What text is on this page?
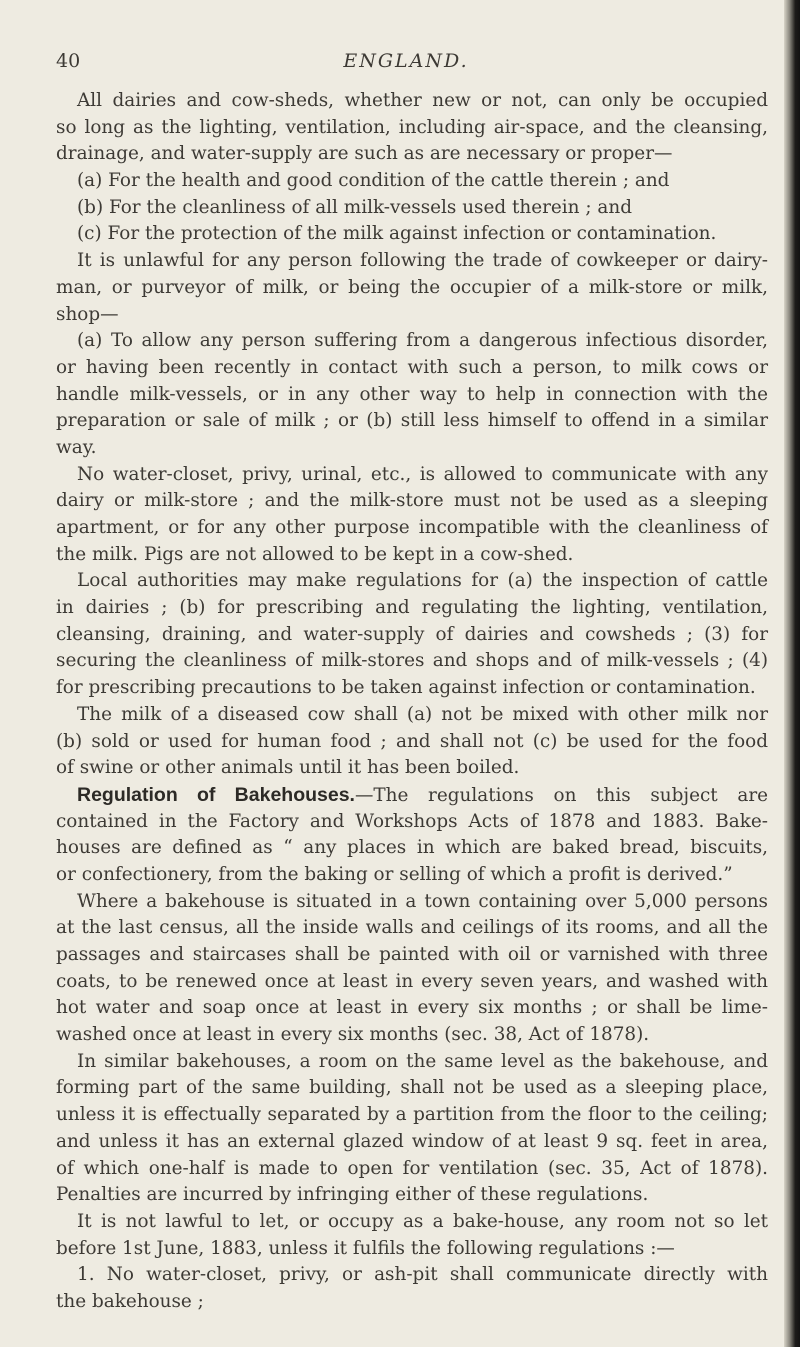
40	ENGLAND.
All dairies and cow-sheds, whether new or not, can only be occupied
so long as the lighting, ventilation, including air-space, and the cleansing,
drainage, and water-supply are such as are necessary or proper—
(a) For the health and good condition of the cattle therein ; and
(b) For the cleanliness of all milk-vessels used therein ; and
(c) For the protection of the milk against infection or contamination.
It is unlawful for any person following the trade of cowkeeper or dairy-
man, or purveyor of milk, or being the occupier of a milk-store or milk,
shop—
(a) To allow any person suffering from a dangerous infectious disorder,
or having been recently in contact with such a person, to milk cows or
handle milk-vessels, or in any other way to help in connection with the
preparation or sale of milk ; or (b) still less himself to offend in a similar
way.
No water-closet, privy, urinal, etc., is allowed to communicate with any
dairy or milk-store ; and the milk-store must not be used as a sleeping
apartment, or for any other purpose incompatible with the cleanliness of
the milk. Pigs are not allowed to be kept in a cow-shed.
Local authorities may make regulations for (a) the inspection of cattle
in dairies ; (b) for prescribing and regulating the lighting, ventilation,
cleansing, draining, and water-supply of dairies and cowsheds ; (3) for
securing the cleanliness of milk-stores and shops and of milk-vessels ; (4)
for prescribing precautions to be taken against infection or contamination.
The milk of a diseased cow shall (a) not be mixed with other milk nor
(b) sold or used for human food ; and shall not (c) be used for the food
of swine or other animals until it has been boiled.
Regulation of Bakehouses.—The regulations on this subject are
contained in the Factory and Workshops Acts of 1878 and 1883. Bake-
houses are defined as “ any places in which are baked bread, biscuits,
or confectionery, from the baking or selling of which a profit is derived.”
Where a bakehouse is situated in a town containing over 5,000 persons
at the last census, all the inside walls and ceilings of its rooms, and all the
passages and staircases shall be painted with oil or varnished with three
coats, to be renewed once at least in every seven years, and washed with
hot water and soap once at least in every six months ; or shall be lime-
washed once at least in every six months (sec. 38, Act of 1878).
In similar bakehouses, a room on the same level as the bakehouse, and
forming part of the same building, shall not be used as a sleeping place,
unless it is effectually separated by a partition from the floor to the ceiling;
and unless it has an external glazed window of at least 9 sq. feet in area,
of which one-half is made to open for ventilation (sec. 35, Act of 1878).
Penalties are incurred by infringing either of these regulations.
It is not lawful to let, or occupy as a bake-house, any room not so let
before 1st June, 1883, unless it fulfils the following regulations :—
1. No water-closet, privy, or ash-pit shall communicate directly with
the bakehouse ;
